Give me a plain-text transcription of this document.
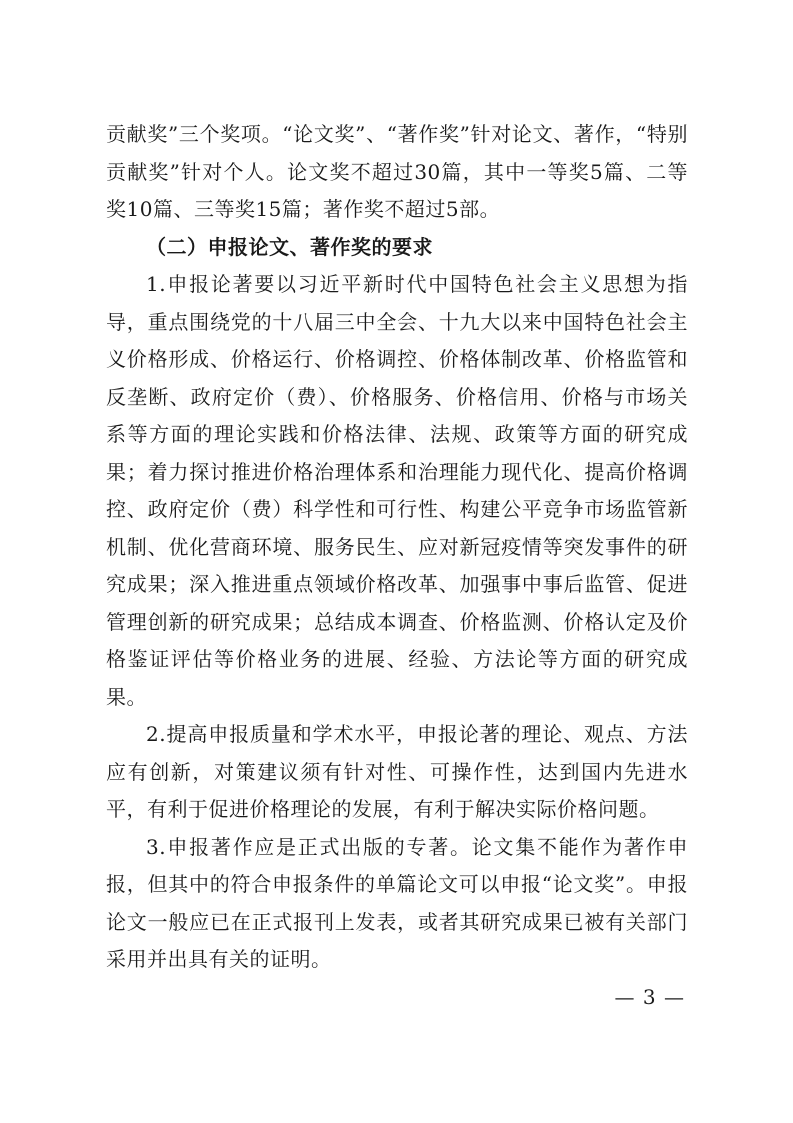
贡献奖”三个奖项。“论文奖”、“著作奖”针对论文、著作，“特别贡献奖”针对个人。论文奖不超过30篇，其中一等奖5篇、二等奖10篇、三等奖15篇；著作奖不超过5部。

（二）申报论文、著作奖的要求

1.申报论著要以习近平新时代中国特色社会主义思想为指导，重点围绕党的十八届三中全会、十九大以来中国特色社会主义价格形成、价格运行、价格调控、价格体制改革、价格监管和反垄断、政府定价（费）、价格服务、价格信用、价格与市场关系等方面的理论实践和价格法律、法规、政策等方面的研究成果；着力探讨推进价格治理体系和治理能力现代化、提高价格调控、政府定价（费）科学性和可行性、构建公平竞争市场监管新机制、优化营商环境、服务民生、应对新冠疫情等突发事件的研究成果；深入推进重点领域价格改革、加强事中事后监管、促进管理创新的研究成果；总结成本调查、价格监测、价格认定及价格鉴证评估等价格业务的进展、经验、方法论等方面的研究成果。

2.提高申报质量和学术水平，申报论著的理论、观点、方法应有创新，对策建议须有针对性、可操作性，达到国内先进水平，有利于促进价格理论的发展，有利于解决实际价格问题。

3.申报著作应是正式出版的专著。论文集不能作为著作申报，但其中的符合申报条件的单篇论文可以申报“论文奖”。申报论文一般应已在正式报刊上发表，或者其研究成果已被有关部门采用并出具有关的证明。

— 3 —
